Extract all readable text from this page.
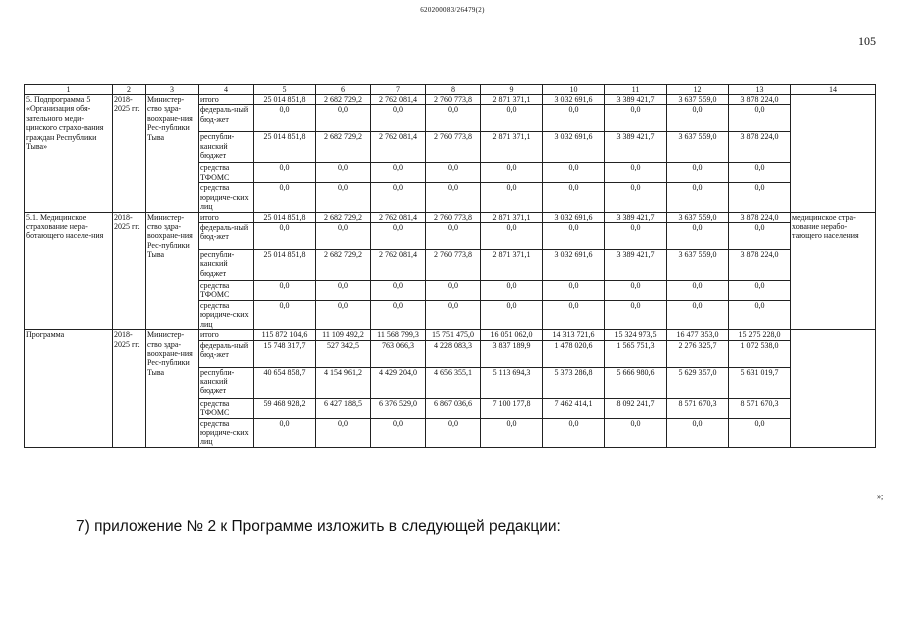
620200083/26479(2)
105
1	2	3	4	5	6	7	8	9	10	11	12	13	14
5. Подпрограмма 5 «Организация обя-зательного меди-цинского страхо-вания граждан Республики Тыва»	2018-2025 гг.	Министер-ство здра-воохране-ния Рес-публики Тыва	итого	25 014 851,8	2 682 729,2	2 762 081,4	2 760 773,8	2 871 371,1	3 032 691,6	3 389 421,7	3 637 559,0	3 878 224,0	
			федераль-ный бюд-жет	0,0	0,0	0,0	0,0	0,0	0,0	0,0	0,0	0,0	
			республи-канский бюджет	25 014 851,8	2 682 729,2	2 762 081,4	2 760 773,8	2 871 371,1	3 032 691,6	3 389 421,7	3 637 559,0	3 878 224,0	
			средства ТФОМС	0,0	0,0	0,0	0,0	0,0	0,0	0,0	0,0	0,0	
			средства юридиче-ских лиц	0,0	0,0	0,0	0,0	0,0	0,0	0,0	0,0	0,0	
5.1. Медицинское страхование нера-ботающего населе-ния	2018-2025 гг.	Министер-ство здра-воохране-ния Рес-публики Тыва	итого	25 014 851,8	2 682 729,2	2 762 081,4	2 760 773,8	2 871 371,1	3 032 691,6	3 389 421,7	3 637 559,0	3 878 224,0	медицинское стра-хование нерабо-тающего населения
			федераль-ный бюд-жет	0,0	0,0	0,0	0,0	0,0	0,0	0,0	0,0	0,0	
			республи-канский бюджет	25 014 851,8	2 682 729,2	2 762 081,4	2 760 773,8	2 871 371,1	3 032 691,6	3 389 421,7	3 637 559,0	3 878 224,0	
			средства ТФОМС	0,0	0,0	0,0	0,0	0,0	0,0	0,0	0,0	0,0	
			средства юридиче-ских лиц	0,0	0,0	0,0	0,0	0,0	0,0	0,0	0,0	0,0	
Программа	2018-2025 гг.	Министер-ство здра-воохране-ния Рес-публики Тыва	итого	115 872 104,6	11 109 492,2	11 568 799,3	15 751 475,0	16 051 062,0	14 313 721,6	15 324 973,5	16 477 353,0	15 275 228,0	
			федераль-ный бюд-жет	15 748 317,7	527 342,5	763 066,3	4 228 083,3	3 837 189,9	1 478 020,6	1 565 751,3	2 276 325,7	1 072 538,0	
			республи-канский бюджет	40 654 858,7	4 154 961,2	4 429 204,0	4 656 355,1	5 113 694,3	5 373 286,8	5 666 980,6	5 629 357,0	5 631 019,7	
			средства ТФОМС	59 468 928,2	6 427 188,5	6 376 529,0	6 867 036,6	7 100 177,8	7 462 414,1	8 092 241,7	8 571 670,3	8 571 670,3	
			средства юридиче-ских лиц	0,0	0,0	0,0	0,0	0,0	0,0	0,0	0,0	0,0	
»;
7) приложение № 2 к Программе изложить в следующей редакции:
